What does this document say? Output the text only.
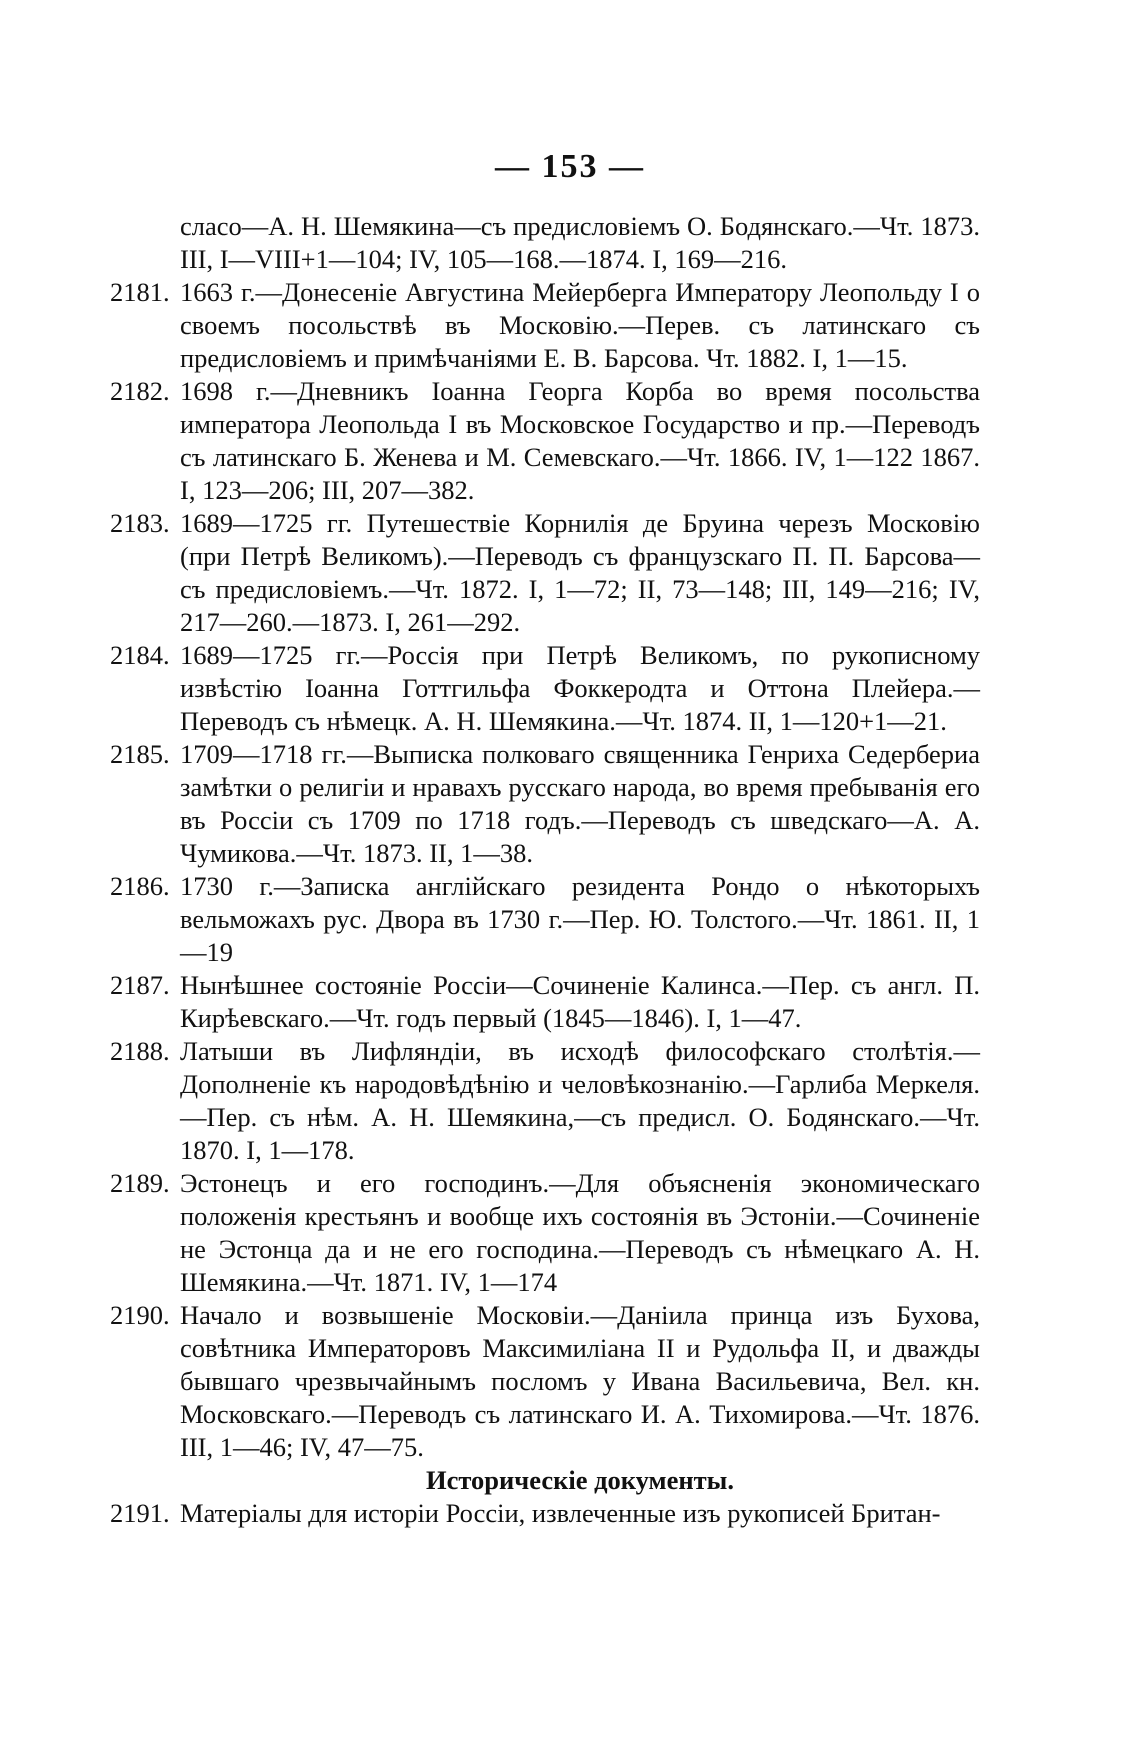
— 153 —
сласо—А. Н. Шемякина—съ предисловіемъ О. Бодянскаго.—Чт. 1873. III, I—VIII+1—104; IV, 105—168.—1874. I, 169—216.
2181. 1663 г.—Донесеніе Августина Мейерберга Императору Леопольду I о своемъ посольствѣ въ Московію.—Перев. съ латинскаго съ предисловіемъ и примѣчаніями Е. В. Барсова. Чт. 1882. I, 1—15.
2182. 1698 г.—Дневникъ Іоанна Георга Корба во время посольства императора Леопольда I въ Московское Государство и пр.—Переводъ съ латинскаго Б. Женева и М. Семевскаго.—Чт. 1866. IV, 1—122 1867. I, 123—206; III, 207—382.
2183. 1689—1725 гг. Путешествіе Корнилія де Бруина черезъ Московію (при Петрѣ Великомъ).—Переводъ съ французскаго П. П. Барсова—съ предисловіемъ.—Чт. 1872. I, 1—72; II, 73—148; III, 149—216; IV, 217—260.—1873. I, 261—292.
2184. 1689—1725 гг.—Россія при Петрѣ Великомъ, по рукописному извѣстію Іоанна Готтгильфа Фоккеродта и Оттона Плейера.—Переводъ съ нѣмецк. А. Н. Шемякина.—Чт. 1874. II, 1—120+1—21.
2185. 1709—1718 гг.—Выписка полковаго священника Генриха Седербериа замѣтки о религіи и нравахъ русскаго народа, во время пребыванія его въ Россіи съ 1709 по 1718 годъ.—Переводъ съ шведскаго—А. А. Чумикова.—Чт. 1873. II, 1—38.
2186. 1730 г.—Записка англійскаго резидента Рондо о нѣкоторыхъ вельможахъ рус. Двора въ 1730 г.—Пер. Ю. Толстого.—Чт. 1861. II, 1—19
2187. Нынѣшнее состояніе Россіи—Сочиненіе Калинса.—Пер. съ англ. П. Кирѣевскаго.—Чт. годъ первый (1845—1846). I, 1—47.
2188. Латыши въ Лифляндіи, въ исходѣ философскаго столѣтія.—Дополненіе къ народовѣдѣнію и человѣкознанію.—Гарлиба Меркеля.—Пер. съ нѣм. А. Н. Шемякина,—съ предисл. О. Бодянскаго.—Чт. 1870. I, 1—178.
2189. Эстонецъ и его господинъ.—Для объясненія экономическаго положенія крестьянъ и вообще ихъ состоянія въ Эстоніи.—Сочиненіе не Эстонца да и не его господина.—Переводъ съ нѣмецкаго А. Н. Шемякина.—Чт. 1871. IV, 1—174
2190. Начало и возвышеніе Московіи.—Даніила принца изъ Бухова, совѣтника Императоровъ Максимиліана II и Рудольфа II, и дважды бывшаго чрезвычайнымъ посломъ у Ивана Васильевича, Вел. кн. Московскаго.—Переводъ съ латинскаго И. А. Тихомирова.—Чт. 1876. III, 1—46; IV, 47—75.
Историческіе документы.
2191. Матеріалы для исторіи Россіи, извлеченные изъ рукописей Британ-
